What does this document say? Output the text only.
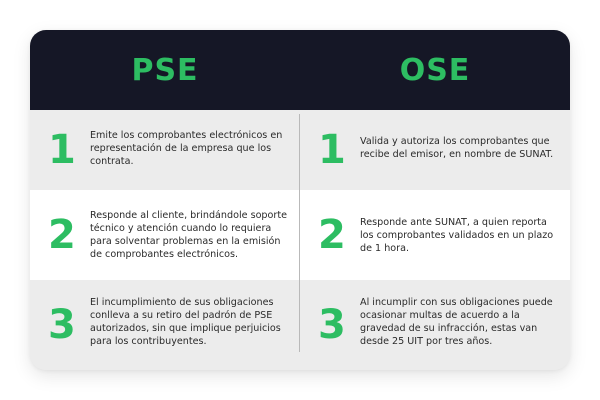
PSE	OSE
1	Emite los comprobantes electrónicos en representación de la empresa que los contrata.	1	Valida y autoriza los comprobantes que recibe del emisor, en nombre de SUNAT.
2	Responde al cliente, brindándole soporte técnico y atención cuando lo requiera para solventar problemas en la emisión de comprobantes electrónicos.	2	Responde ante SUNAT, a quien reporta los comprobantes validados en un plazo de 1 hora.
3	El incumplimiento de sus obligaciones conlleva a su retiro del padrón de PSE autorizados, sin que implique perjuicios para los contribuyentes.	3	Al incumplir con sus obligaciones puede ocasionar multas de acuerdo a la gravedad de su infracción, estas van desde 25 UIT por tres años.
